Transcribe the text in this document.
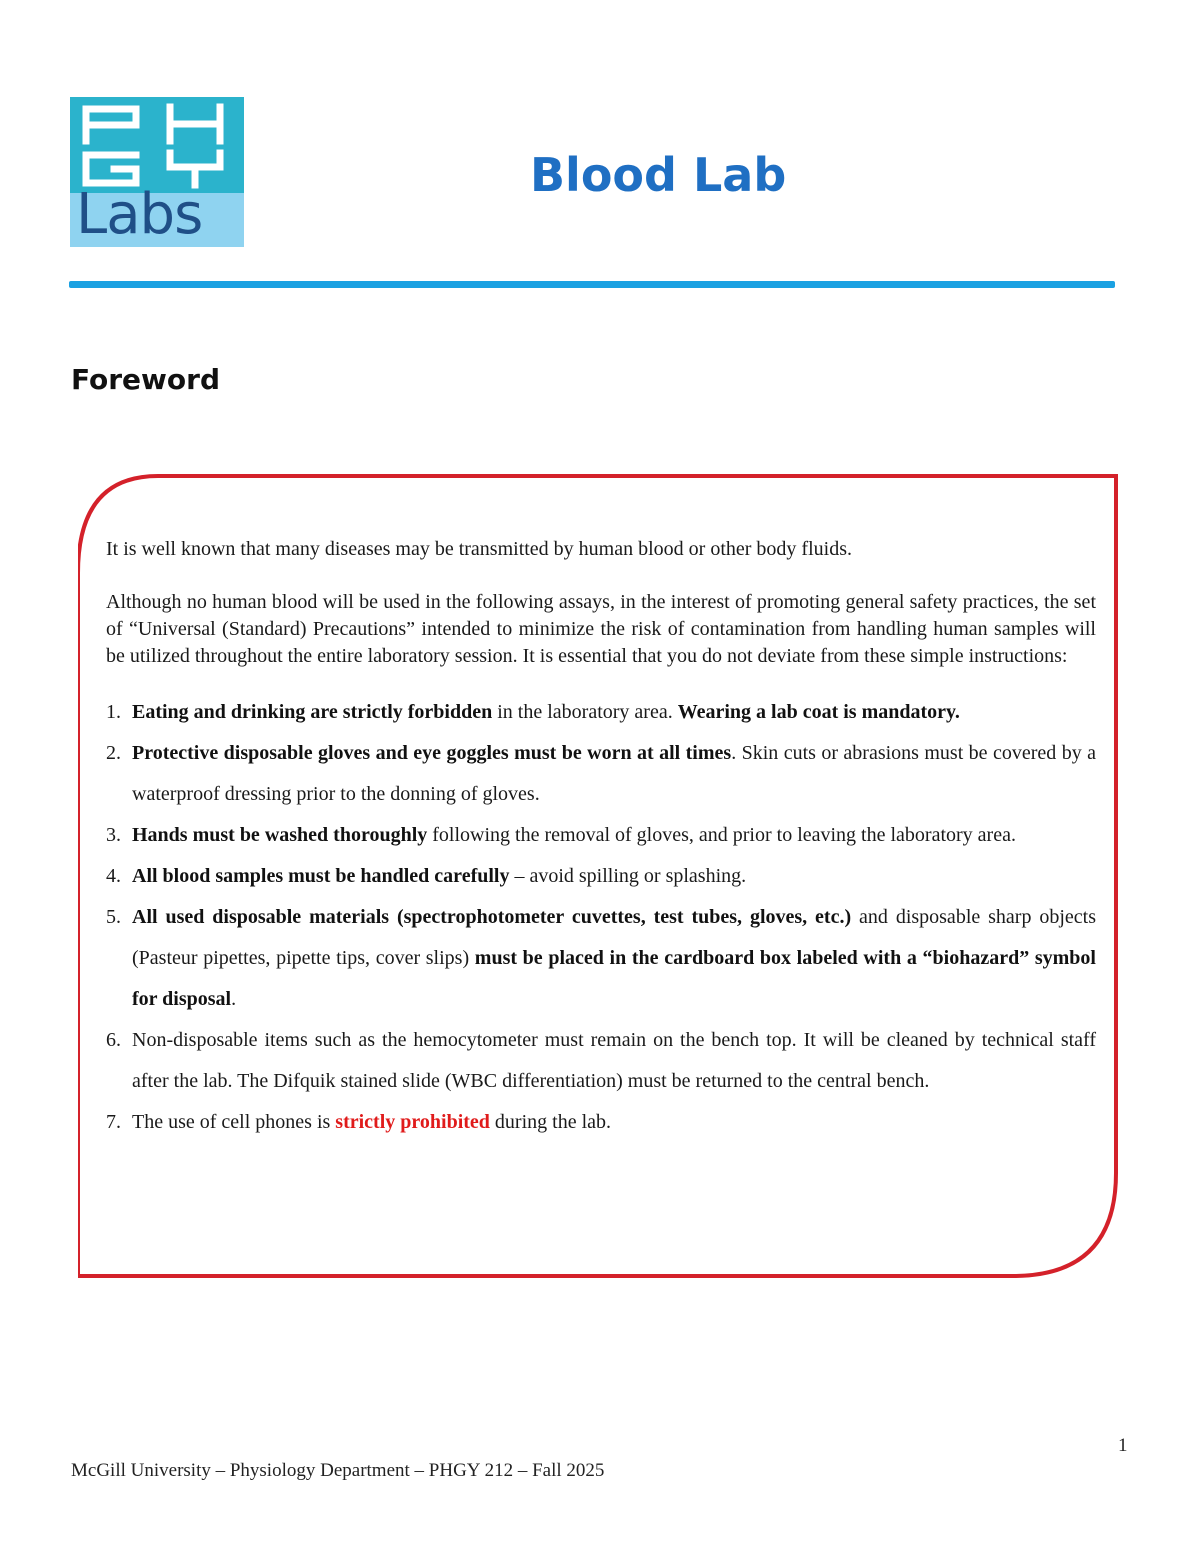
Labs
Blood Lab
Foreword

It is well known that many diseases may be transmitted by human blood or other body fluids.

Although no human blood will be used in the following assays, in the interest of promoting general safety practices, the set of “Universal (Standard) Precautions” intended to minimize the risk of contamination from handling human samples will be utilized throughout the entire laboratory session. It is essential that you do not deviate from these simple instructions:

1. Eating and drinking are strictly forbidden in the laboratory area. Wearing a lab coat is mandatory.
2. Protective disposable gloves and eye goggles must be worn at all times. Skin cuts or abrasions must be covered by a waterproof dressing prior to the donning of gloves.
3. Hands must be washed thoroughly following the removal of gloves, and prior to leaving the laboratory area.
4. All blood samples must be handled carefully – avoid spilling or splashing.
5. All used disposable materials (spectrophotometer cuvettes, test tubes, gloves, etc.) and disposable sharp objects (Pasteur pipettes, pipette tips, cover slips) must be placed in the cardboard box labeled with a “biohazard” symbol for disposal.
6. Non-disposable items such as the hemocytometer must remain on the bench top. It will be cleaned by technical staff after the lab. The Difquik stained slide (WBC differentiation) must be returned to the central bench.
7. The use of cell phones is strictly prohibited during the lab.
1
McGill University – Physiology Department – PHGY 212 – Fall 2025
